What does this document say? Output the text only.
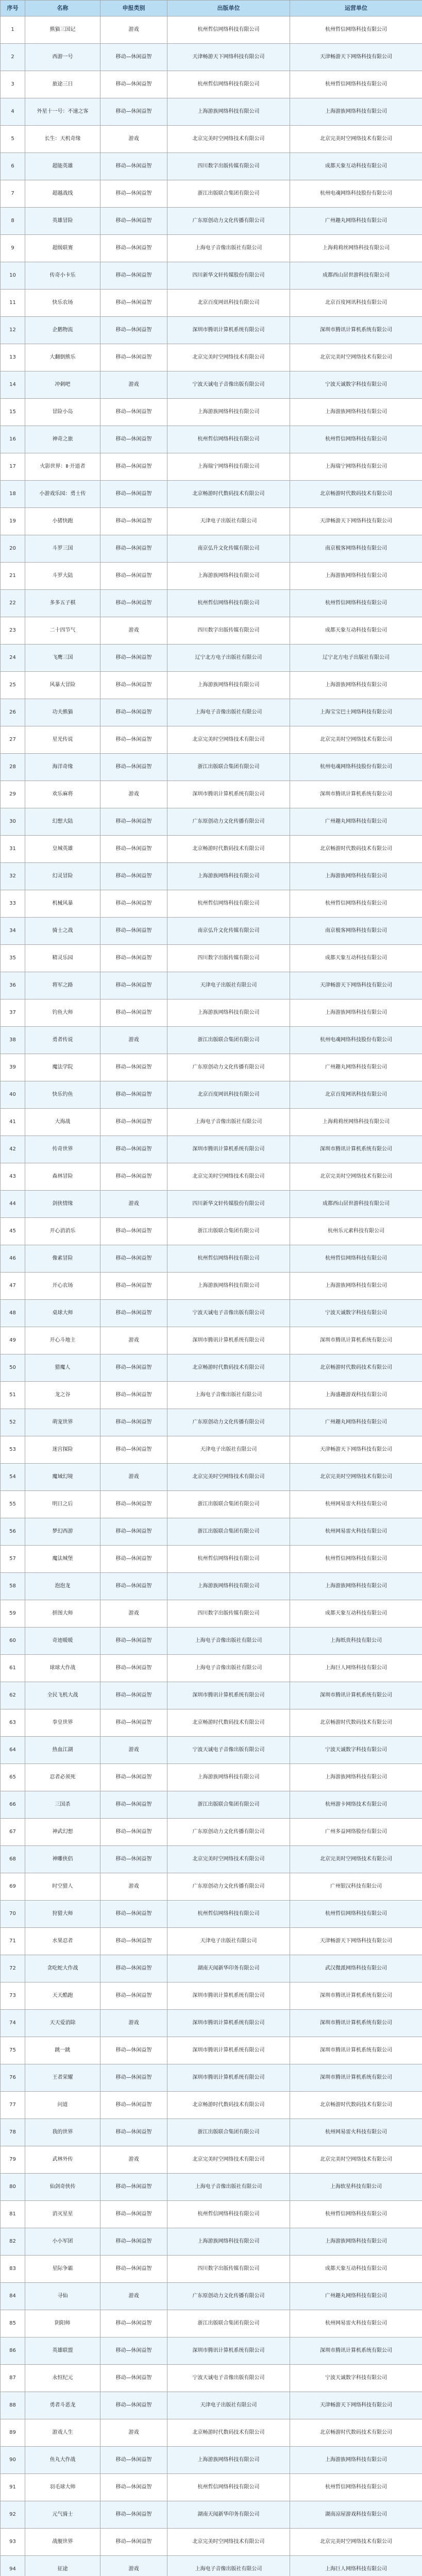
序号	名称	申报类别	出版单位	运营单位
1	熊猫三国记	游戏	杭州哲信网络科技有限公司	杭州哲信网络科技有限公司
2	西游一号	移动—休闲益智	天津畅游天下网络科技有限公司	天津畅游天下网络科技有限公司
3	旅途三日	移动—休闲益智	杭州哲信网络科技有限公司	杭州哲信网络科技有限公司
4	外星十一号：不速之客	移动—休闲益智	上海游族网络科技有限公司	上海游族网络科技有限公司
5	长生：天机奇缘	游戏	北京完美时空网络技术有限公司	北京完美时空网络技术有限公司
6	超能英雄	移动—休闲益智	四川数字出版传媒有限公司	成都天象互动科技有限公司
7	超越战线	移动—休闲益智	浙江出版联合集团有限公司	杭州电魂网络科技股份有限公司
8	英雄冒险	移动—休闲益智	广东原创动力文化传播有限公司	广州趣丸网络科技有限公司
9	超级联赛	移动—休闲益智	上海电子音像出版社有限公司	上海莉莉丝网络科技有限公司
10	传奇小卡乐	移动—休闲益智	四川新华文轩传媒股份有限公司	成都西山居世游科技有限公司
11	快乐农场	移动—休闲益智	北京百度网讯科技有限公司	北京百度网讯科技有限公司
12	企鹅物流	移动—休闲益智	深圳市腾讯计算机系统有限公司	深圳市腾讯计算机系统有限公司
13	大翻倒熊乐	移动—休闲益智	北京完美时空网络技术有限公司	北京完美时空网络技术有限公司
14	冲刺吧	游戏	宁波天诚电子音像出版有限公司	宁波天诚数字科技有限公司
15	冒险小岛	移动—休闲益智	上海游族网络科技有限公司	上海游族网络科技有限公司
16	神奇之旅	移动—休闲益智	杭州哲信网络科技有限公司	杭州哲信网络科技有限公司
17	火影世界：Ⅱ·开道者	移动—休闲益智	上海瑞宁网络科技有限公司	上海瑞宁网络科技有限公司
18	小游戏乐园：勇士传	移动—休闲益智	北京畅游时代数码技术有限公司	北京畅游时代数码技术有限公司
19	小猪快跑	移动—休闲益智	天津电子出版社有限公司	天津畅游天下网络科技有限公司
20	斗罗三国	移动—休闲益智	南京弘升文化传媒有限公司	南京极客网络科技有限公司
21	斗罗大陆	移动—休闲益智	上海游族网络科技有限公司	上海游族网络科技有限公司
22	多多五子棋	移动—休闲益智	杭州哲信网络科技有限公司	杭州哲信网络科技有限公司
23	二十四节气	游戏	四川数字出版传媒有限公司	成都天象互动科技有限公司
24	飞鹰三国	移动—休闲益智	辽宁北方电子出版社有限公司	辽宁北方电子出版社有限公司
25	风暴大冒险	移动—休闲益智	上海游族网络科技有限公司	上海游族网络科技有限公司
26	功夫熊猫	移动—休闲益智	上海电子音像出版社有限公司	上海宝宝巴士网络科技有限公司
27	星光传说	移动—休闲益智	北京完美时空网络技术有限公司	北京完美时空网络技术有限公司
28	海洋奇缘	移动—休闲益智	浙江出版联合集团有限公司	杭州电魂网络科技股份有限公司
29	欢乐麻将	游戏	深圳市腾讯计算机系统有限公司	深圳市腾讯计算机系统有限公司
30	幻想大陆	移动—休闲益智	广东原创动力文化传播有限公司	广州趣丸网络科技有限公司
31	皇城英雄	移动—休闲益智	北京畅游时代数码技术有限公司	北京畅游时代数码技术有限公司
32	幻灵冒险	移动—休闲益智	上海游族网络科技有限公司	上海游族网络科技有限公司
33	机械风暴	移动—休闲益智	杭州哲信网络科技有限公司	杭州哲信网络科技有限公司
34	骑士之战	移动—休闲益智	南京弘升文化传媒有限公司	南京极客网络科技有限公司
35	精灵乐园	移动—休闲益智	四川数字出版传媒有限公司	成都天象互动科技有限公司
36	将军之路	移动—休闲益智	天津电子出版社有限公司	天津畅游天下网络科技有限公司
37	钓鱼大师	移动—休闲益智	上海游族网络科技有限公司	上海游族网络科技有限公司
38	勇者传说	游戏	浙江出版联合集团有限公司	杭州电魂网络科技股份有限公司
39	魔法学院	移动—休闲益智	广东原创动力文化传播有限公司	广州趣丸网络科技有限公司
40	快乐钓鱼	移动—休闲益智	北京百度网讯科技有限公司	北京百度网讯科技有限公司
41	大海战	移动—休闲益智	上海电子音像出版社有限公司	上海莉莉丝网络科技有限公司
42	传奇世界	移动—休闲益智	深圳市腾讯计算机系统有限公司	深圳市腾讯计算机系统有限公司
43	森林冒险	移动—休闲益智	北京完美时空网络技术有限公司	北京完美时空网络技术有限公司
44	剑侠情缘	游戏	四川新华文轩传媒股份有限公司	成都西山居世游科技有限公司
45	开心消消乐	移动—休闲益智	浙江出版联合集团有限公司	杭州乐元素科技有限公司
46	像素冒险	移动—休闲益智	杭州哲信网络科技有限公司	杭州哲信网络科技有限公司
47	开心农场	移动—休闲益智	上海游族网络科技有限公司	上海游族网络科技有限公司
48	桌球大师	移动—休闲益智	宁波天诚电子音像出版有限公司	宁波天诚数字科技有限公司
49	开心斗地主	游戏	深圳市腾讯计算机系统有限公司	深圳市腾讯计算机系统有限公司
50	猎魔人	移动—休闲益智	北京畅游时代数码技术有限公司	北京畅游时代数码技术有限公司
51	龙之谷	移动—休闲益智	上海电子音像出版社有限公司	上海盛趣游戏科技有限公司
52	萌宠世界	移动—休闲益智	广东原创动力文化传播有限公司	广州趣丸网络科技有限公司
53	迷宫探险	移动—休闲益智	天津电子出版社有限公司	天津畅游天下网络科技有限公司
54	魔域幻境	游戏	北京完美时空网络技术有限公司	北京完美时空网络技术有限公司
55	明日之后	移动—休闲益智	浙江出版联合集团有限公司	杭州网易雷火科技有限公司
56	梦幻西游	移动—休闲益智	浙江出版联合集团有限公司	杭州网易雷火科技有限公司
57	魔法城堡	移动—休闲益智	杭州哲信网络科技有限公司	杭州哲信网络科技有限公司
58	泡泡龙	移动—休闲益智	上海游族网络科技有限公司	上海游族网络科技有限公司
59	拼图大师	游戏	四川数字出版传媒有限公司	成都天象互动科技有限公司
60	奇迹暖暖	移动—休闲益智	上海电子音像出版社有限公司	上海纸贵科技有限公司
61	球球大作战	移动—休闲益智	上海电子音像出版社有限公司	上海巨人网络科技有限公司
62	全民飞机大战	移动—休闲益智	深圳市腾讯计算机系统有限公司	深圳市腾讯计算机系统有限公司
63	拳皇世界	移动—休闲益智	北京畅游时代数码技术有限公司	北京畅游时代数码技术有限公司
64	热血江湖	游戏	宁波天诚电子音像出版有限公司	宁波天诚数字科技有限公司
65	忍者必须死	移动—休闲益智	上海游族网络科技有限公司	上海游族网络科技有限公司
66	三国杀	移动—休闲益智	浙江出版联合集团有限公司	杭州游卡网络技术有限公司
67	神武幻想	移动—休闲益智	广东原创动力文化传播有限公司	广州多益网络股份有限公司
68	神雕侠侣	移动—休闲益智	北京完美时空网络技术有限公司	北京完美时空网络技术有限公司
69	时空猎人	游戏	广东原创动力文化传播有限公司	广州银汉科技有限公司
70	狩猎大师	移动—休闲益智	杭州哲信网络科技有限公司	杭州哲信网络科技有限公司
71	水果忍者	移动—休闲益智	天津电子出版社有限公司	天津畅游天下网络科技有限公司
72	贪吃蛇大作战	移动—休闲益智	湖南天闻新华印务有限公司	武汉微派网络科技有限公司
73	天天酷跑	移动—休闲益智	深圳市腾讯计算机系统有限公司	深圳市腾讯计算机系统有限公司
74	天天爱消除	游戏	深圳市腾讯计算机系统有限公司	深圳市腾讯计算机系统有限公司
75	跳一跳	移动—休闲益智	深圳市腾讯计算机系统有限公司	深圳市腾讯计算机系统有限公司
76	王者荣耀	移动—休闲益智	深圳市腾讯计算机系统有限公司	深圳市腾讯计算机系统有限公司
77	问道	移动—休闲益智	北京畅游时代数码技术有限公司	北京畅游时代数码技术有限公司
78	我的世界	移动—休闲益智	浙江出版联合集团有限公司	杭州网易雷火科技有限公司
79	武林外传	游戏	北京完美时空网络技术有限公司	北京完美时空网络技术有限公司
80	仙剑奇侠传	移动—休闲益智	上海电子音像出版社有限公司	上海软星科技有限公司
81	消灭星星	移动—休闲益智	杭州哲信网络科技有限公司	杭州哲信网络科技有限公司
82	小小军团	移动—休闲益智	上海游族网络科技有限公司	上海游族网络科技有限公司
83	星际争霸	移动—休闲益智	四川数字出版传媒有限公司	成都天象互动科技有限公司
84	寻仙	游戏	广东原创动力文化传播有限公司	广州趣丸网络科技有限公司
85	阴阳师	移动—休闲益智	浙江出版联合集团有限公司	杭州网易雷火科技有限公司
86	英雄联盟	移动—休闲益智	深圳市腾讯计算机系统有限公司	深圳市腾讯计算机系统有限公司
87	永恒纪元	移动—休闲益智	宁波天诚电子音像出版有限公司	宁波天诚数字科技有限公司
88	勇者斗恶龙	移动—休闲益智	天津电子出版社有限公司	天津畅游天下网络科技有限公司
89	游戏人生	游戏	北京畅游时代数码技术有限公司	北京畅游时代数码技术有限公司
90	鱼丸大作战	移动—休闲益智	上海游族网络科技有限公司	上海游族网络科技有限公司
91	羽毛球大师	移动—休闲益智	杭州哲信网络科技有限公司	杭州哲信网络科技有限公司
92	元气骑士	移动—休闲益智	湖南天闻新华印务有限公司	湖南凉屋游戏科技有限公司
93	战舰世界	移动—休闲益智	北京完美时空网络技术有限公司	北京完美时空网络技术有限公司
94	征途	游戏	上海电子音像出版社有限公司	上海巨人网络科技有限公司
